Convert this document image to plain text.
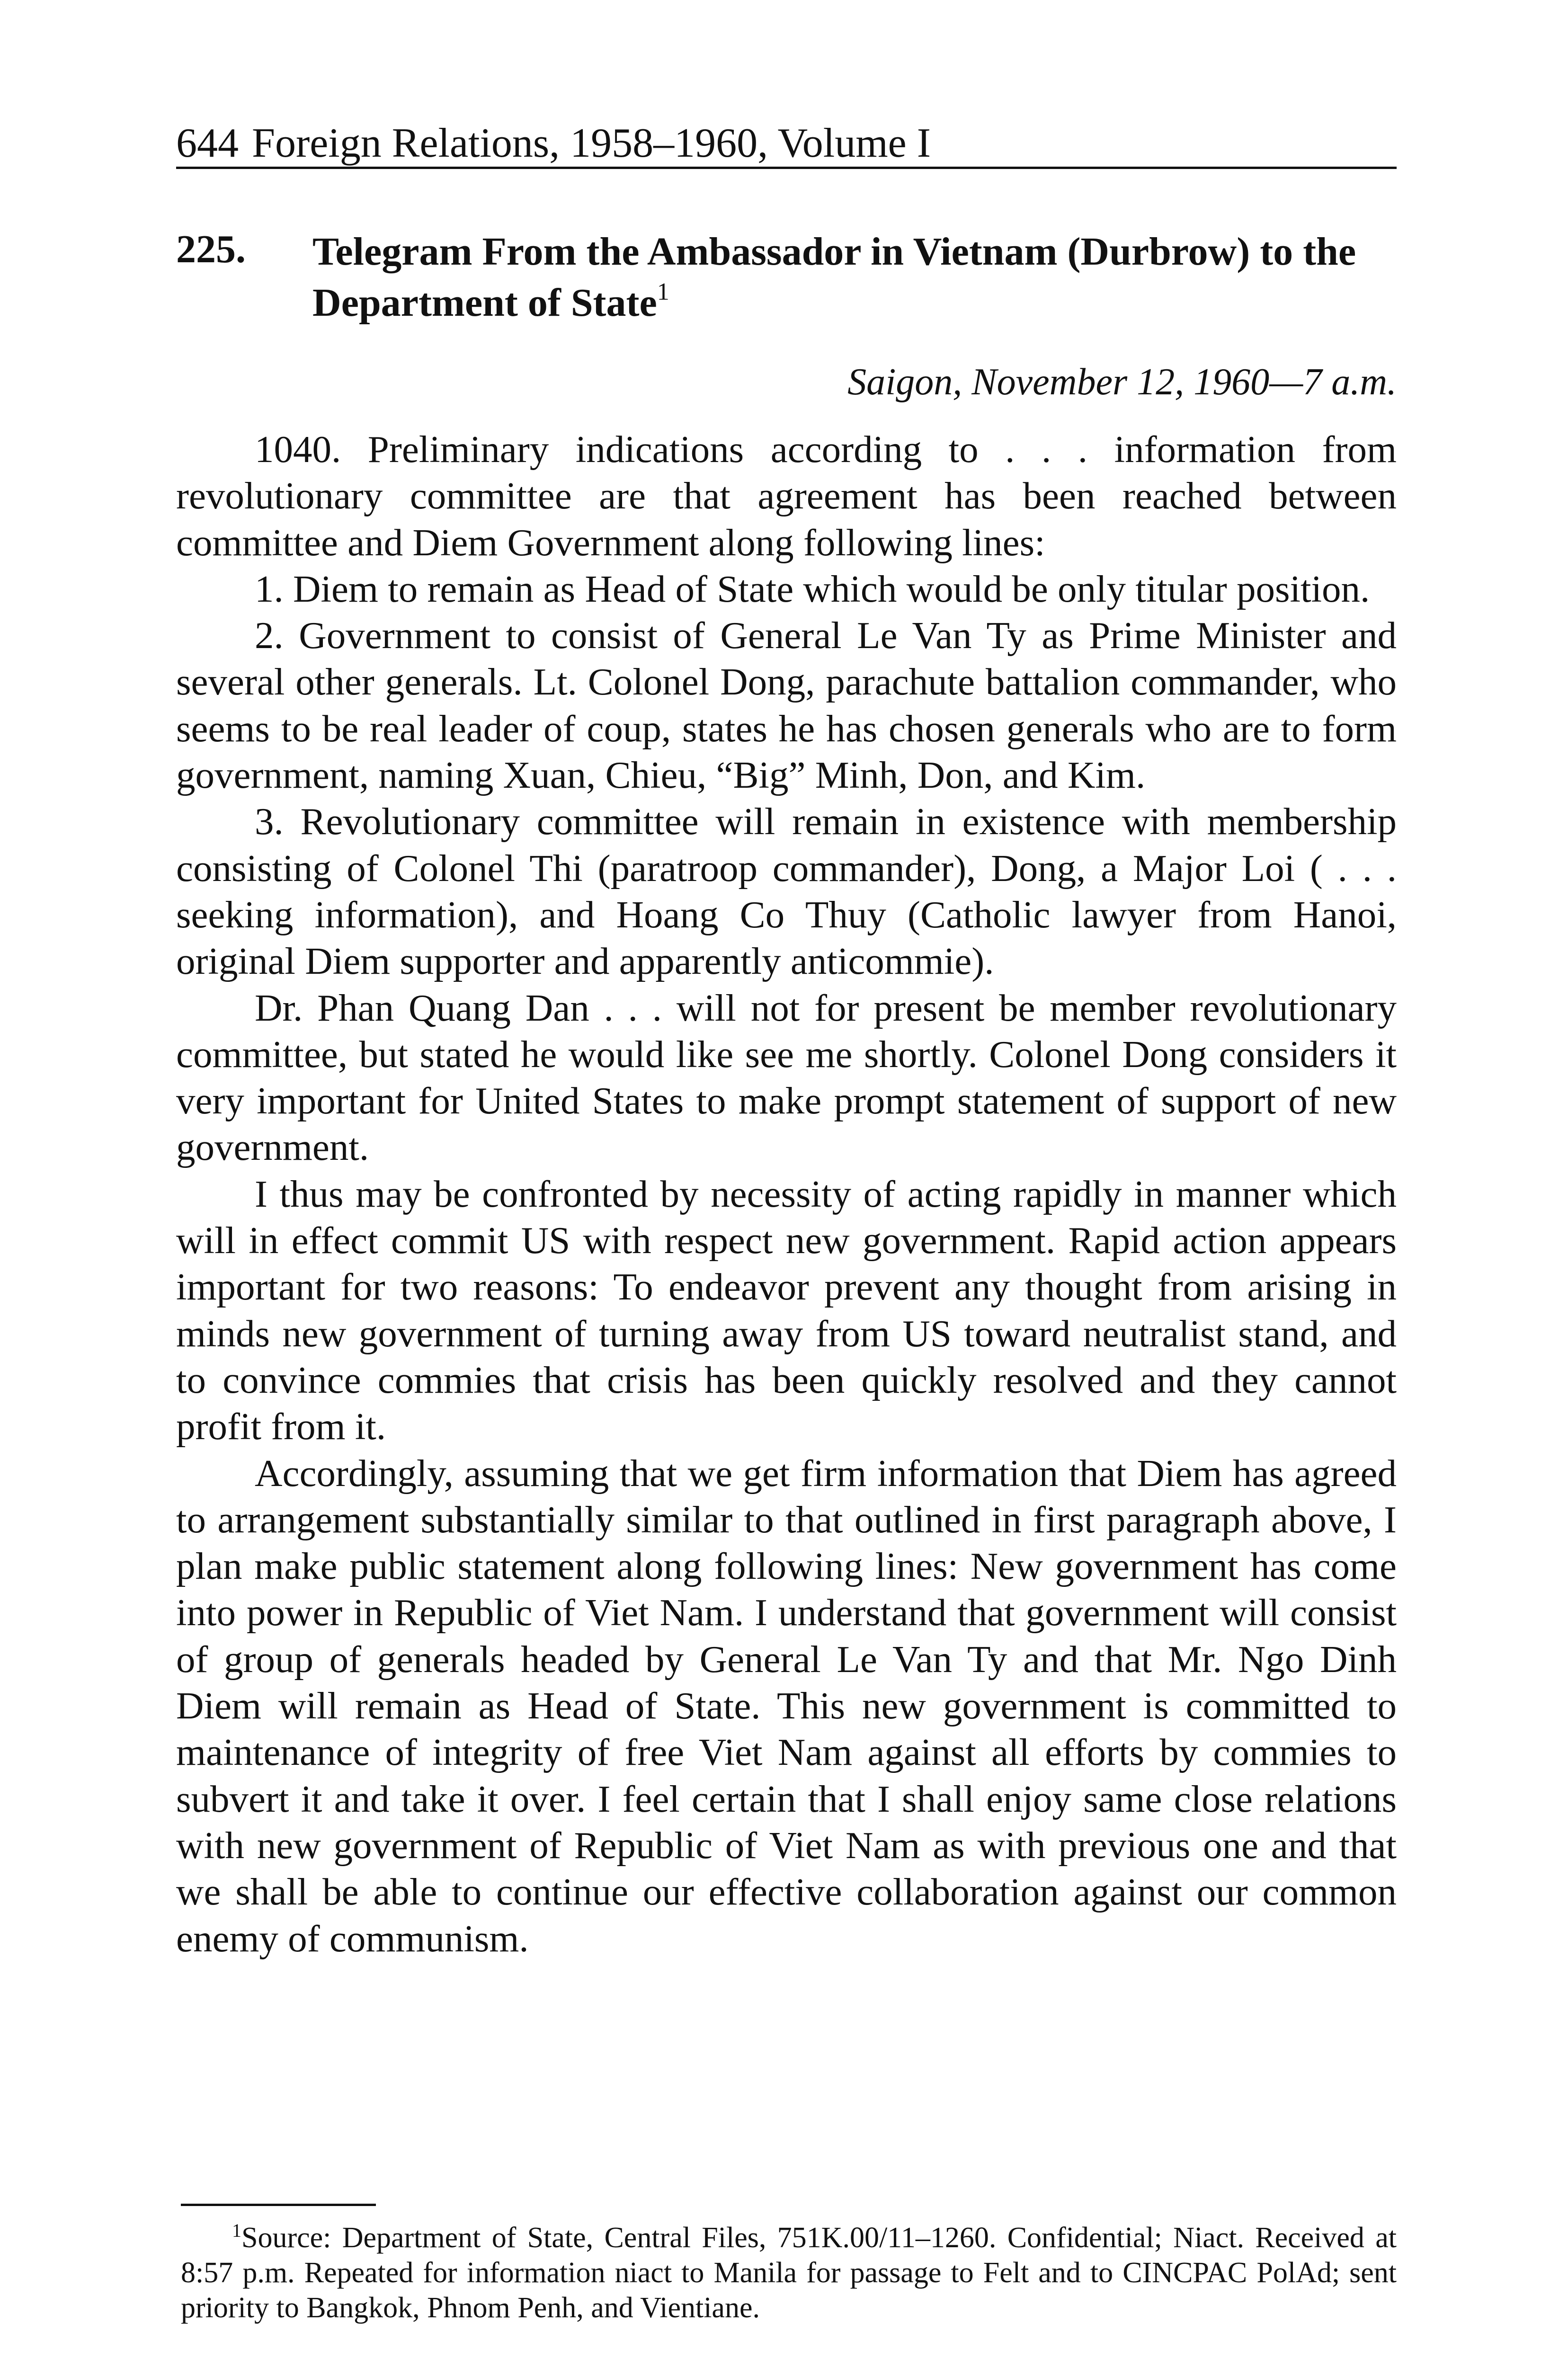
644 Foreign Relations, 1958–1960, Volume I
225. Telegram From the Ambassador in Vietnam (Durbrow) to the Department of State$^1$
Saigon, November 12, 1960—7 a.m.

1040. Preliminary indications according to . . . information from revolutionary committee are that agreement has been reached between committee and Diem Government along following lines:

1. Diem to remain as Head of State which would be only titular position.

2. Government to consist of General Le Van Ty as Prime Minister and several other generals. Lt. Colonel Dong, parachute battalion commander, who seems to be real leader of coup, states he has chosen generals who are to form government, naming Xuan, Chieu, “Big” Minh, Don, and Kim.

3. Revolutionary committee will remain in existence with membership consisting of Colonel Thi (paratroop commander), Dong, a Major Loi ( . . . seeking information), and Hoang Co Thuy (Catholic lawyer from Hanoi, original Diem supporter and apparently anticommie).

Dr. Phan Quang Dan . . . will not for present be member revolutionary committee, but stated he would like see me shortly. Colonel Dong considers it very important for United States to make prompt statement of support of new government.

I thus may be confronted by necessity of acting rapidly in manner which will in effect commit US with respect new government. Rapid action appears important for two reasons: To endeavor prevent any thought from arising in minds new government of turning away from US toward neutralist stand, and to convince commies that crisis has been quickly resolved and they cannot profit from it.

Accordingly, assuming that we get firm information that Diem has agreed to arrangement substantially similar to that outlined in first paragraph above, I plan make public statement along following lines: New government has come into power in Republic of Viet Nam. I understand that government will consist of group of generals headed by General Le Van Ty and that Mr. Ngo Dinh Diem will remain as Head of State. This new government is committed to maintenance of integrity of free Viet Nam against all efforts by commies to subvert it and take it over. I feel certain that I shall enjoy same close relations with new government of Republic of Viet Nam as with previous one and that we shall be able to continue our effective collaboration against our common enemy of communism.

$^1$Source: Department of State, Central Files, 751K.00/11–1260. Confidential; Niact. Received at 8:57 p.m. Repeated for information niact to Manila for passage to Felt and to CINCPAC PolAd; sent priority to Bangkok, Phnom Penh, and Vientiane.
